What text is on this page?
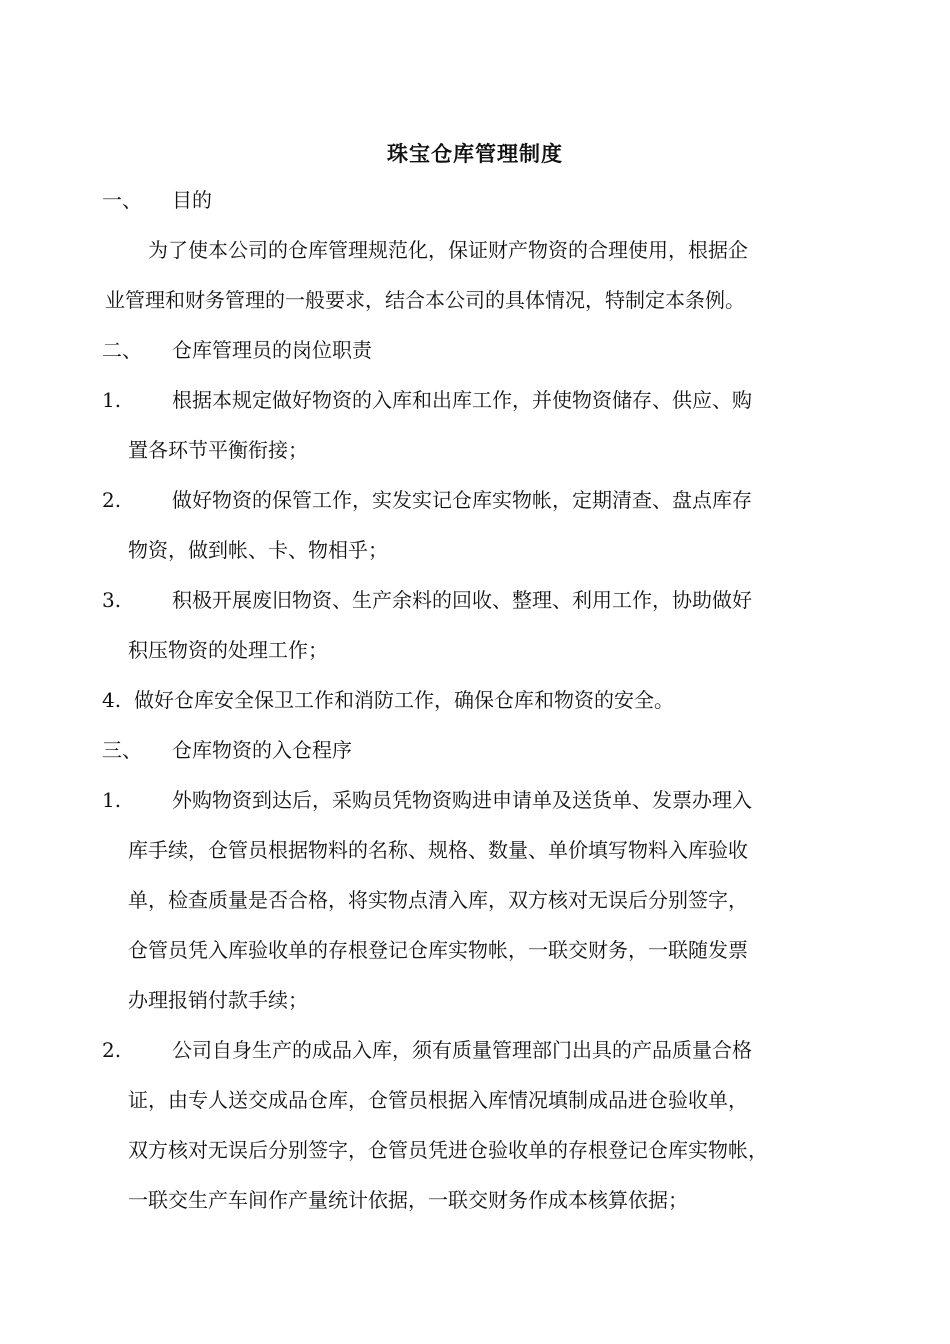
珠宝仓库管理制度
一、 目的
为了使本公司的仓库管理规范化，保证财产物资的合理使用，根据企
业管理和财务管理的一般要求，结合本公司的具体情况，特制定本条例。
二、 仓库管理员的岗位职责
1.	根据本规定做好物资的入库和出库工作，并使物资储存、供应、购
置各环节平衡衔接；
2.	做好物资的保管工作，实发实记仓库实物帐，定期清查、盘点库存
物资，做到帐、卡、物相乎；
3.	积极开展废旧物资、生产余料的回收、整理、利用工作，协助做好
积压物资的处理工作；
4. 做好仓库安全保卫工作和消防工作，确保仓库和物资的安全。
三、 仓库物资的入仓程序
1.	外购物资到达后，采购员凭物资购进申请单及送货单、发票办理入
库手续，仓管员根据物料的名称、规格、数量、单价填写物料入库验收
单，检查质量是否合格，将实物点清入库，双方核对无误后分别签字，
仓管员凭入库验收单的存根登记仓库实物帐，一联交财务，一联随发票
办理报销付款手续；
2.	公司自身生产的成品入库，须有质量管理部门出具的产品质量合格
证，由专人送交成品仓库，仓管员根据入库情况填制成品进仓验收单，
双方核对无误后分别签字，仓管员凭进仓验收单的存根登记仓库实物帐，
一联交生产车间作产量统计依据，一联交财务作成本核算依据；
